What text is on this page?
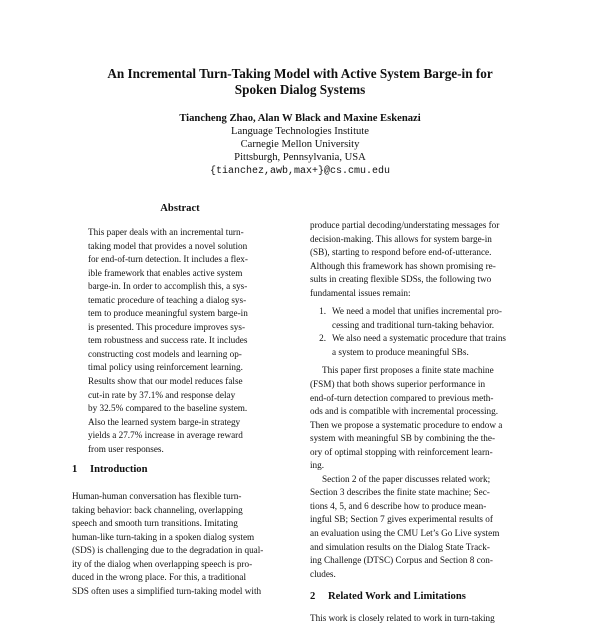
An Incremental Turn-Taking Model with Active System Barge-in for
Spoken Dialog Systems
Tiancheng Zhao, Alan W Black and Maxine Eskenazi
Language Technologies Institute
Carnegie Mellon University
Pittsburgh, Pennsylvania, USA
{tianchez,awb,max+}@cs.cmu.edu
Abstract
This paper deals with an incremental turn-
taking model that provides a novel solution
for end-of-turn detection. It includes a flex-
ible framework that enables active system
barge-in. In order to accomplish this, a sys-
tematic procedure of teaching a dialog sys-
tem to produce meaningful system barge-in
is presented. This procedure improves sys-
tem robustness and success rate. It includes
constructing cost models and learning op-
timal policy using reinforcement learning.
Results show that our model reduces false
cut-in rate by 37.1% and response delay
by 32.5% compared to the baseline system.
Also the learned system barge-in strategy
yields a 27.7% increase in average reward
from user responses.
1 Introduction
Human-human conversation has flexible turn-
taking behavior: back channeling, overlapping
speech and smooth turn transitions. Imitating
human-like turn-taking in a spoken dialog system
(SDS) is challenging due to the degradation in qual-
ity of the dialog when overlapping speech is pro-
duced in the wrong place. For this, a traditional
SDS often uses a simplified turn-taking model with
produce partial decoding/understating messages for
decision-making. This allows for system barge-in
(SB), starting to respond before end-of-utterance.
Although this framework has shown promising re-
sults in creating flexible SDSs, the following two
fundamental issues remain:
1. We need a model that unifies incremental pro-
cessing and traditional turn-taking behavior.
2. We also need a systematic procedure that trains
a system to produce meaningful SBs.
This paper first proposes a finite state machine
(FSM) that both shows superior performance in
end-of-turn detection compared to previous meth-
ods and is compatible with incremental processing.
Then we propose a systematic procedure to endow a
system with meaningful SB by combining the the-
ory of optimal stopping with reinforcement learn-
ing.
Section 2 of the paper discusses related work;
Section 3 describes the finite state machine; Sec-
tions 4, 5, and 6 describe how to produce mean-
ingful SB; Section 7 gives experimental results of
an evaluation using the CMU Let’s Go Live system
and simulation results on the Dialog State Track-
ing Challenge (DTSC) Corpus and Section 8 con-
cludes.
2 Related Work and Limitations
This work is closely related to work in turn-taking
